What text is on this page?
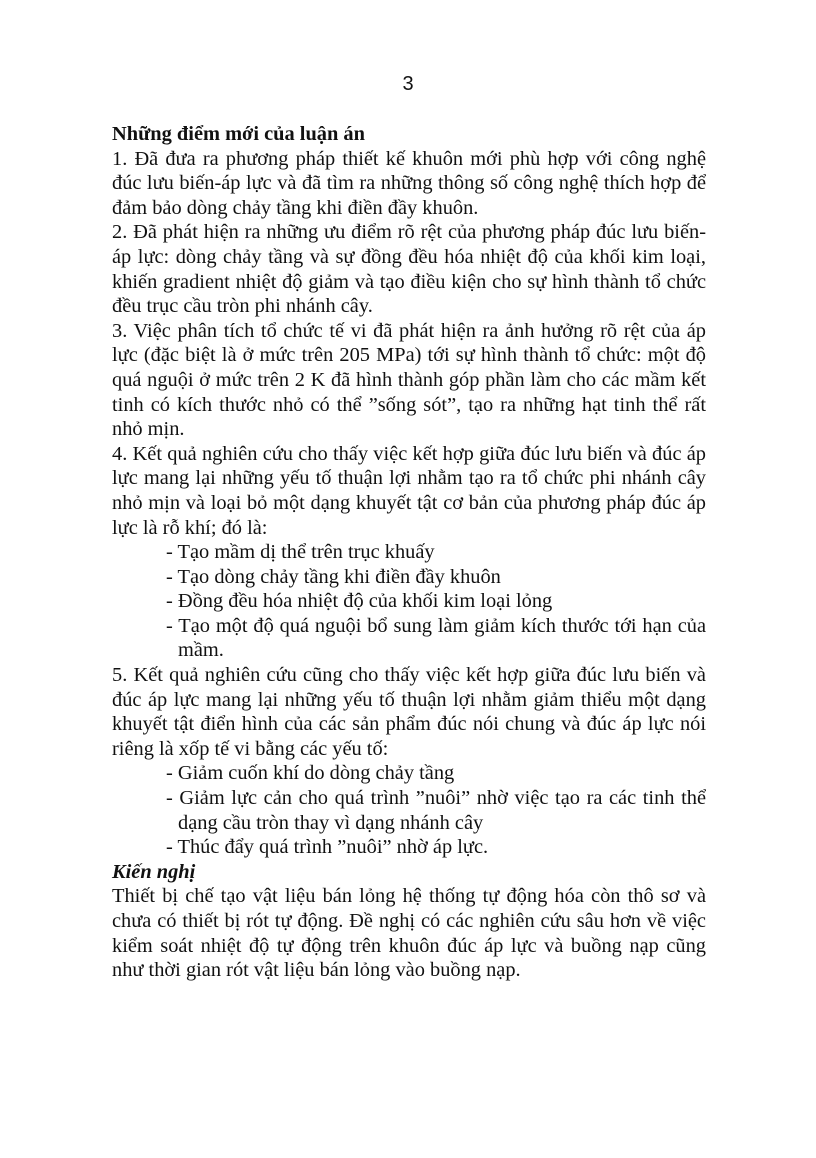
3
Những điểm mới của luận án

1. Đã đưa ra phương pháp thiết kế khuôn mới phù hợp với công nghệ đúc lưu biến-áp lực và đã tìm ra những thông số công nghệ thích hợp để đảm bảo dòng chảy tầng khi điền đầy khuôn.

2. Đã phát hiện ra những ưu điểm rõ rệt của phương pháp đúc lưu biến-áp lực: dòng chảy tầng và sự đồng đều hóa nhiệt độ của khối kim loại, khiến gradient nhiệt độ giảm và tạo điều kiện cho sự hình thành tổ chức đều trục cầu tròn phi nhánh cây.

3. Việc phân tích tổ chức tế vi đã phát hiện ra ảnh hưởng rõ rệt của áp lực (đặc biệt là ở mức trên 205 MPa) tới sự hình thành tổ chức: một độ quá nguội ở mức trên 2 K đã hình thành góp phần làm cho các mầm kết tinh có kích thước nhỏ có thể ”sống sót”, tạo ra những hạt tinh thể rất nhỏ mịn.

4. Kết quả nghiên cứu cho thấy việc kết hợp giữa đúc lưu biến và đúc áp lực mang lại những yếu tố thuận lợi nhằm tạo ra tổ chức phi nhánh cây nhỏ mịn và loại bỏ một dạng khuyết tật cơ bản của phương pháp đúc áp lực là rỗ khí; đó là:

- Tạo mầm dị thể trên trục khuấy
- Tạo dòng chảy tầng khi điền đầy khuôn
- Đồng đều hóa nhiệt độ của khối kim loại lỏng
- Tạo một độ quá nguội bổ sung làm giảm kích thước tới hạn của mầm.

5. Kết quả nghiên cứu cũng cho thấy việc kết hợp giữa đúc lưu biến và đúc áp lực mang lại những yếu tố thuận lợi nhằm giảm thiểu một dạng khuyết tật điển hình của các sản phẩm đúc nói chung và đúc áp lực nói riêng là xốp tế vi bằng các yếu tố:

- Giảm cuốn khí do dòng chảy tầng
- Giảm lực cản cho quá trình ”nuôi” nhờ việc tạo ra các tinh thể dạng cầu tròn thay vì dạng nhánh cây
- Thúc đẩy quá trình ”nuôi” nhờ áp lực.
Kiến nghị

Thiết bị chế tạo vật liệu bán lỏng hệ thống tự động hóa còn thô sơ và chưa có thiết bị rót tự động. Đề nghị có các nghiên cứu sâu hơn về việc kiểm soát nhiệt độ tự động trên khuôn đúc áp lực và buồng nạp cũng như thời gian rót vật liệu bán lỏng vào buồng nạp.
